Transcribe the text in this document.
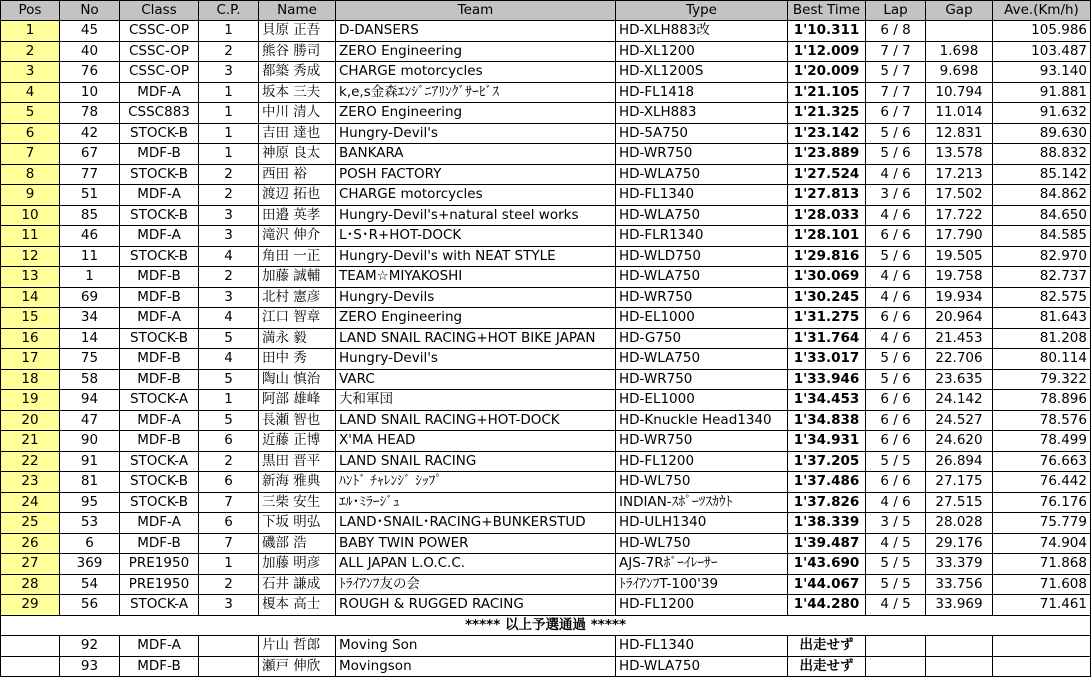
Pos	No	Class	C.P.	Name	Team	Type	Best Time	Lap	Gap	Ave.(Km/h)
1	45	CSSC-OP	1	貝原 正吾	D-DANSERS	HD-XLH883改	1'10.311	6 / 8		105.986
2	40	CSSC-OP	2	熊谷 勝司	ZERO Engineering	HD-XL1200	1'12.009	7 / 7	1.698	103.487
3	76	CSSC-OP	3	都築 秀成	CHARGE motorcycles	HD-XL1200S	1'20.009	5 / 7	9.698	93.140
4	10	MDF-A	1	坂本 三夫	k,e,s金森ｴﾝｼﾞﾆｱﾘﾝｸﾞｻｰﾋﾞｽ	HD-FL1418	1'21.105	7 / 7	10.794	91.881
5	78	CSSC883	1	中川 清人	ZERO Engineering	HD-XLH883	1'21.325	6 / 7	11.014	91.632
6	42	STOCK-B	1	吉田 達也	Hungry-Devil's	HD-5A750	1'23.142	5 / 6	12.831	89.630
7	67	MDF-B	1	神原 良太	BANKARA	HD-WR750	1'23.889	5 / 6	13.578	88.832
8	77	STOCK-B	2	西田 裕	POSH FACTORY	HD-WLA750	1'27.524	4 / 6	17.213	85.142
9	51	MDF-A	2	渡辺 拓也	CHARGE motorcycles	HD-FL1340	1'27.813	3 / 6	17.502	84.862
10	85	STOCK-B	3	田邉 英孝	Hungry-Devil's+natural steel works	HD-WLA750	1'28.033	4 / 6	17.722	84.650
11	46	MDF-A	3	滝沢 伸介	L･S･R+HOT-DOCK	HD-FLR1340	1'28.101	6 / 6	17.790	84.585
12	11	STOCK-B	4	角田 一正	Hungry-Devil's with NEAT STYLE	HD-WLD750	1'29.816	5 / 6	19.505	82.970
13	1	MDF-B	2	加藤 誠輔	TEAM☆MIYAKOSHI	HD-WLA750	1'30.069	4 / 6	19.758	82.737
14	69	MDF-B	3	北村 憲彦	Hungry-Devils	HD-WR750	1'30.245	4 / 6	19.934	82.575
15	34	MDF-A	4	江口 智章	ZERO Engineering	HD-EL1000	1'31.275	6 / 6	20.964	81.643
16	14	STOCK-B	5	満永 毅	LAND SNAIL RACING+HOT BIKE JAPAN	HD-G750	1'31.764	4 / 6	21.453	81.208
17	75	MDF-B	4	田中 秀	Hungry-Devil's	HD-WLA750	1'33.017	5 / 6	22.706	80.114
18	58	MDF-B	5	陶山 慎治	VARC	HD-WR750	1'33.946	5 / 6	23.635	79.322
19	94	STOCK-A	1	阿部 雄峰	大和軍団	HD-EL1000	1'34.453	6 / 6	24.142	78.896
20	47	MDF-A	5	長瀬 智也	LAND SNAIL RACING+HOT-DOCK	HD-Knuckle Head1340	1'34.838	6 / 6	24.527	78.576
21	90	MDF-B	6	近藤 正博	X'MA HEAD	HD-WR750	1'34.931	6 / 6	24.620	78.499
22	91	STOCK-A	2	黒田 晋平	LAND SNAIL RACING	HD-FL1200	1'37.205	5 / 5	26.894	76.663
23	81	STOCK-B	6	新海 雅典	ﾊﾝﾄﾞ ﾁｬﾚﾝｼﾞ ｼｯﾌﾟ	HD-WL750	1'37.486	6 / 6	27.175	76.442
24	95	STOCK-B	7	三柴 安生	ｴﾙ･ﾐﾗｰｼﾞｭ	INDIAN-ｽﾎﾟｰﾂｽｶｳﾄ	1'37.826	4 / 6	27.515	76.176
25	53	MDF-A	6	下坂 明弘	LAND･SNAIL･RACING+BUNKERSTUD	HD-ULH1340	1'38.339	3 / 5	28.028	75.779
26	6	MDF-B	7	磯部 浩	BABY TWIN POWER	HD-WL750	1'39.487	4 / 5	29.176	74.904
27	369	PRE1950	1	加藤 明彦	ALL JAPAN L.O.C.C.	AJS-7Rﾎﾞｰｲﾚｰｻｰ	1'43.690	5 / 5	33.379	71.868
28	54	PRE1950	2	石井 謙成	ﾄﾗｲｱﾝﾌ友の会	ﾄﾗｲｱﾝﾌT-100'39	1'44.067	5 / 5	33.756	71.608
29	56	STOCK-A	3	榎本 高士	ROUGH & RUGGED RACING	HD-FL1200	1'44.280	4 / 5	33.969	71.461
***** 以上予選通過 *****										
	92	MDF-A		片山 哲郎	Moving Son	HD-FL1340	出走せず			
	93	MDF-B		瀬戸 伸欣	Movingson	HD-WLA750	出走せず			
